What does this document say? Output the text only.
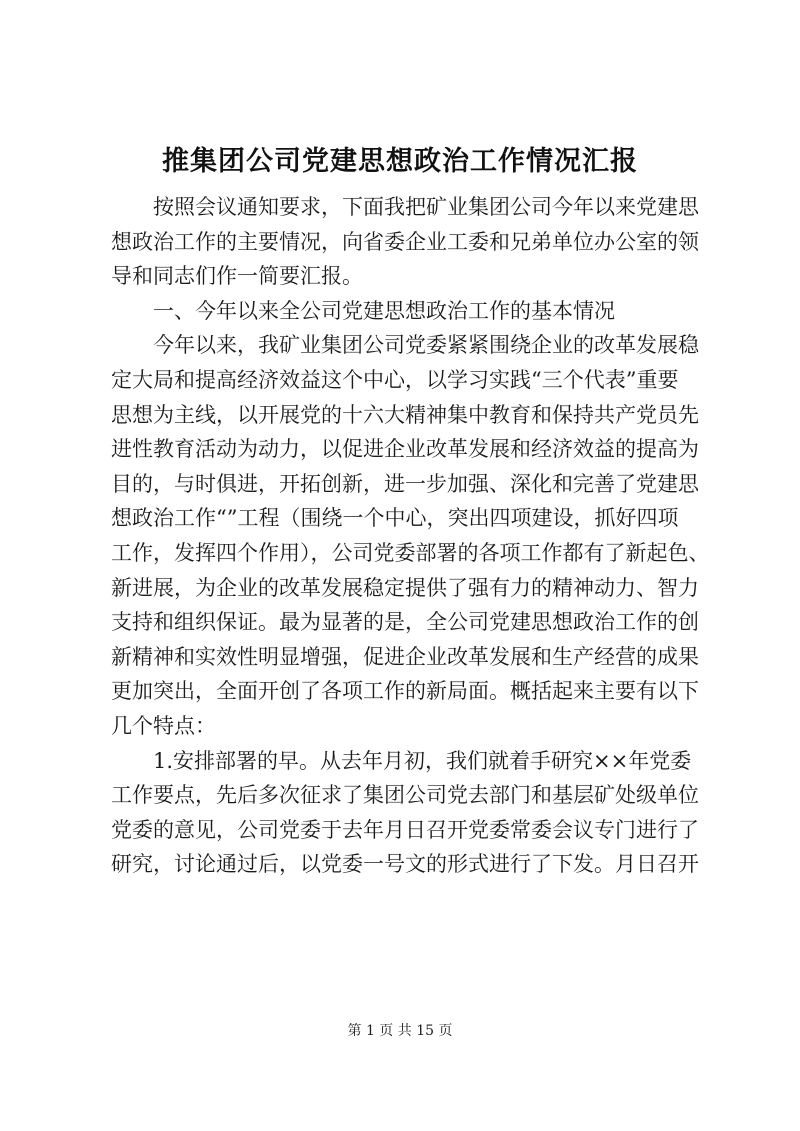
推集团公司党建思想政治工作情况汇报
按照会议通知要求，下面我把矿业集团公司今年以来党建思
想政治工作的主要情况，向省委企业工委和兄弟单位办公室的领
导和同志们作一简要汇报。
一、今年以来全公司党建思想政治工作的基本情况
今年以来，我矿业集团公司党委紧紧围绕企业的改革发展稳
定大局和提高经济效益这个中心，以学习实践“三个代表”重要
思想为主线，以开展党的十六大精神集中教育和保持共产党员先
进性教育活动为动力，以促进企业改革发展和经济效益的提高为
目的，与时俱进，开拓创新，进一步加强、深化和完善了党建思
想政治工作“”工程（围绕一个中心，突出四项建设，抓好四项
工作，发挥四个作用），公司党委部署的各项工作都有了新起色、
新进展，为企业的改革发展稳定提供了强有力的精神动力、智力
支持和组织保证。最为显著的是，全公司党建思想政治工作的创
新精神和实效性明显增强，促进企业改革发展和生产经营的成果
更加突出，全面开创了各项工作的新局面。概括起来主要有以下
几个特点：
1.安排部署的早。从去年月初，我们就着手研究××年党委
工作要点，先后多次征求了集团公司党去部门和基层矿处级单位
党委的意见，公司党委于去年月日召开党委常委会议专门进行了
研究，讨论通过后，以党委一号文的形式进行了下发。月日召开
第 1 页 共 15 页
